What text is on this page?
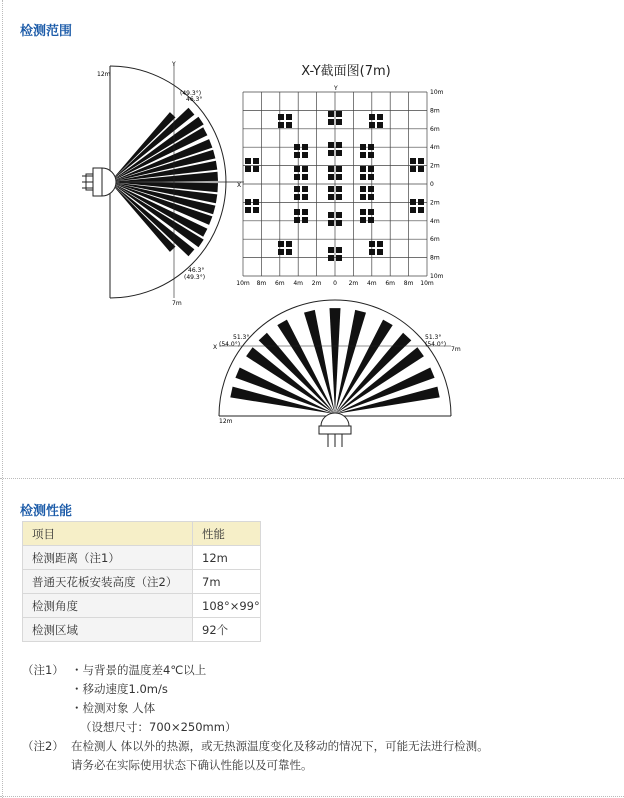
检测范围
12m
Y
(49.3°)
46.3°
46.3°
(49.3°)
7m
X-Y截面图(7m)
Y
X
10m
8m
6m
4m
2m
0
2m
4m
6m
8m
10m
10m 8m 6m 4m 2m 0 2m 4m 6m 8m 10m
X
51.3°
(54.0°)
51.3°
(54.0°)
7m
12m
检测性能
项目	性能
检测距离（注1）	12m
普通天花板安装高度（注2）	7m
检测角度	108°×99°
检测区域	92个
（注1） ・与背景的温度差4℃以上
・移动速度1.0m/s
・检测对象 人体
（设想尺寸：700×250mm）
（注2） 在检测人 体以外的热源，或无热源温度变化及移动的情况下，可能无法进行检测。
请务必在实际使用状态下确认性能以及可靠性。
